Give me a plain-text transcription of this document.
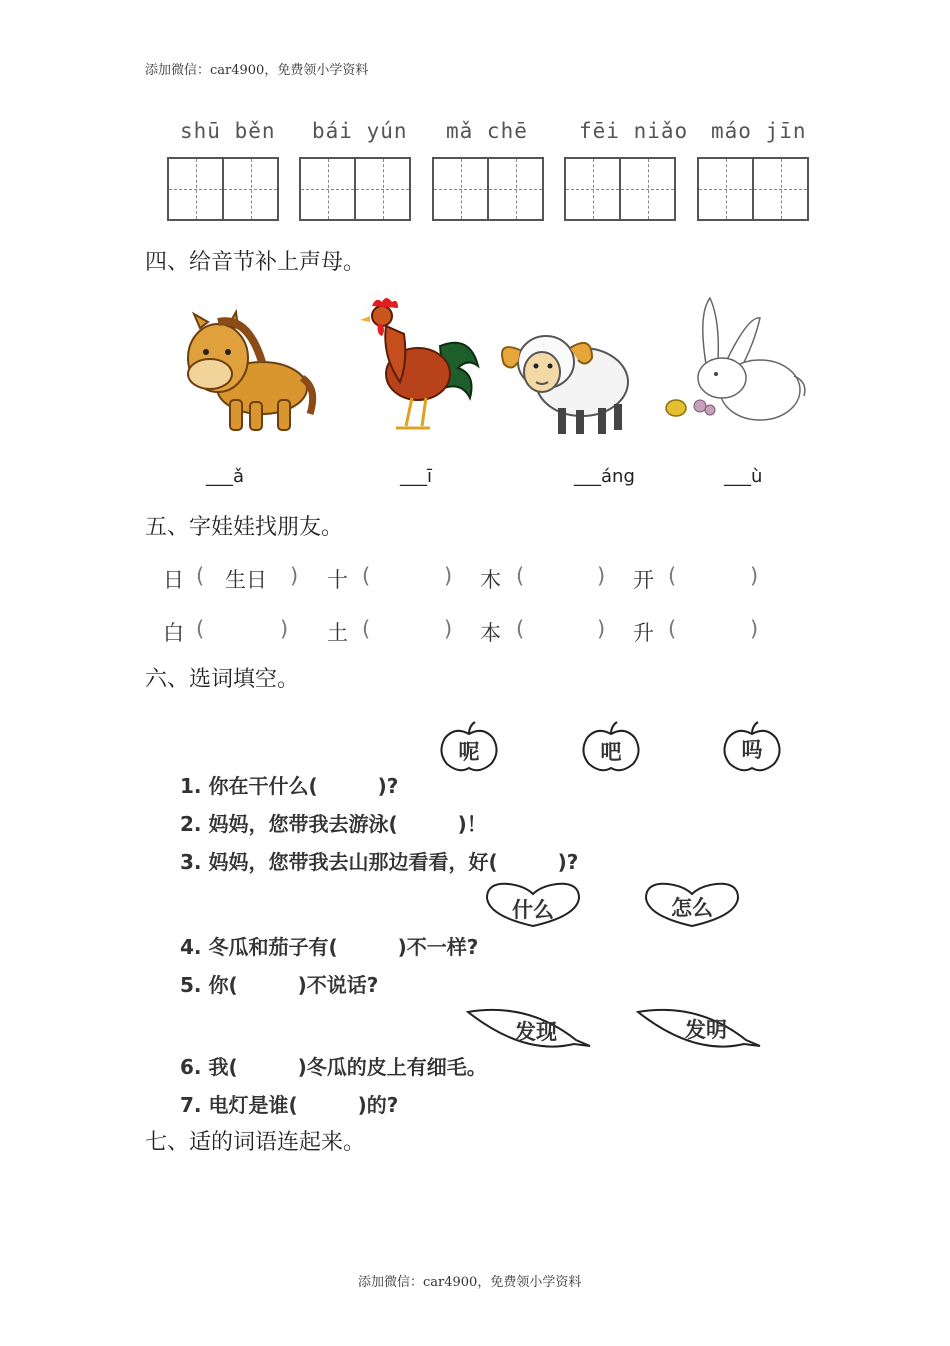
添加微信：car4900，免费领小学资料
shū běn bái yún mǎ chē fēi niǎo máo jīn
四、给音节补上声母。
___ǎ	___ī	___áng	___ù
五、字娃娃找朋友。
日 ( 生日 ) 十 (	) 木 (	) 开 (	)
白 (	) 土 (	) 本 (	) 升 (	)
六、选词填空。
呢	吧	吗
1. 你在干什么(　　　)?
2. 妈妈，您带我去游泳(　　　)！
3. 妈妈，您带我去山那边看看，好(　　　)?
什么	怎么
4. 冬瓜和茄子有(　　　)不一样?
5. 你(　　　)不说话?
发现	发明
6. 我(　　　)冬瓜的皮上有细毛。
7. 电灯是谁(　　　)的?
七、适的词语连起来。
添加微信：car4900，免费领小学资料
